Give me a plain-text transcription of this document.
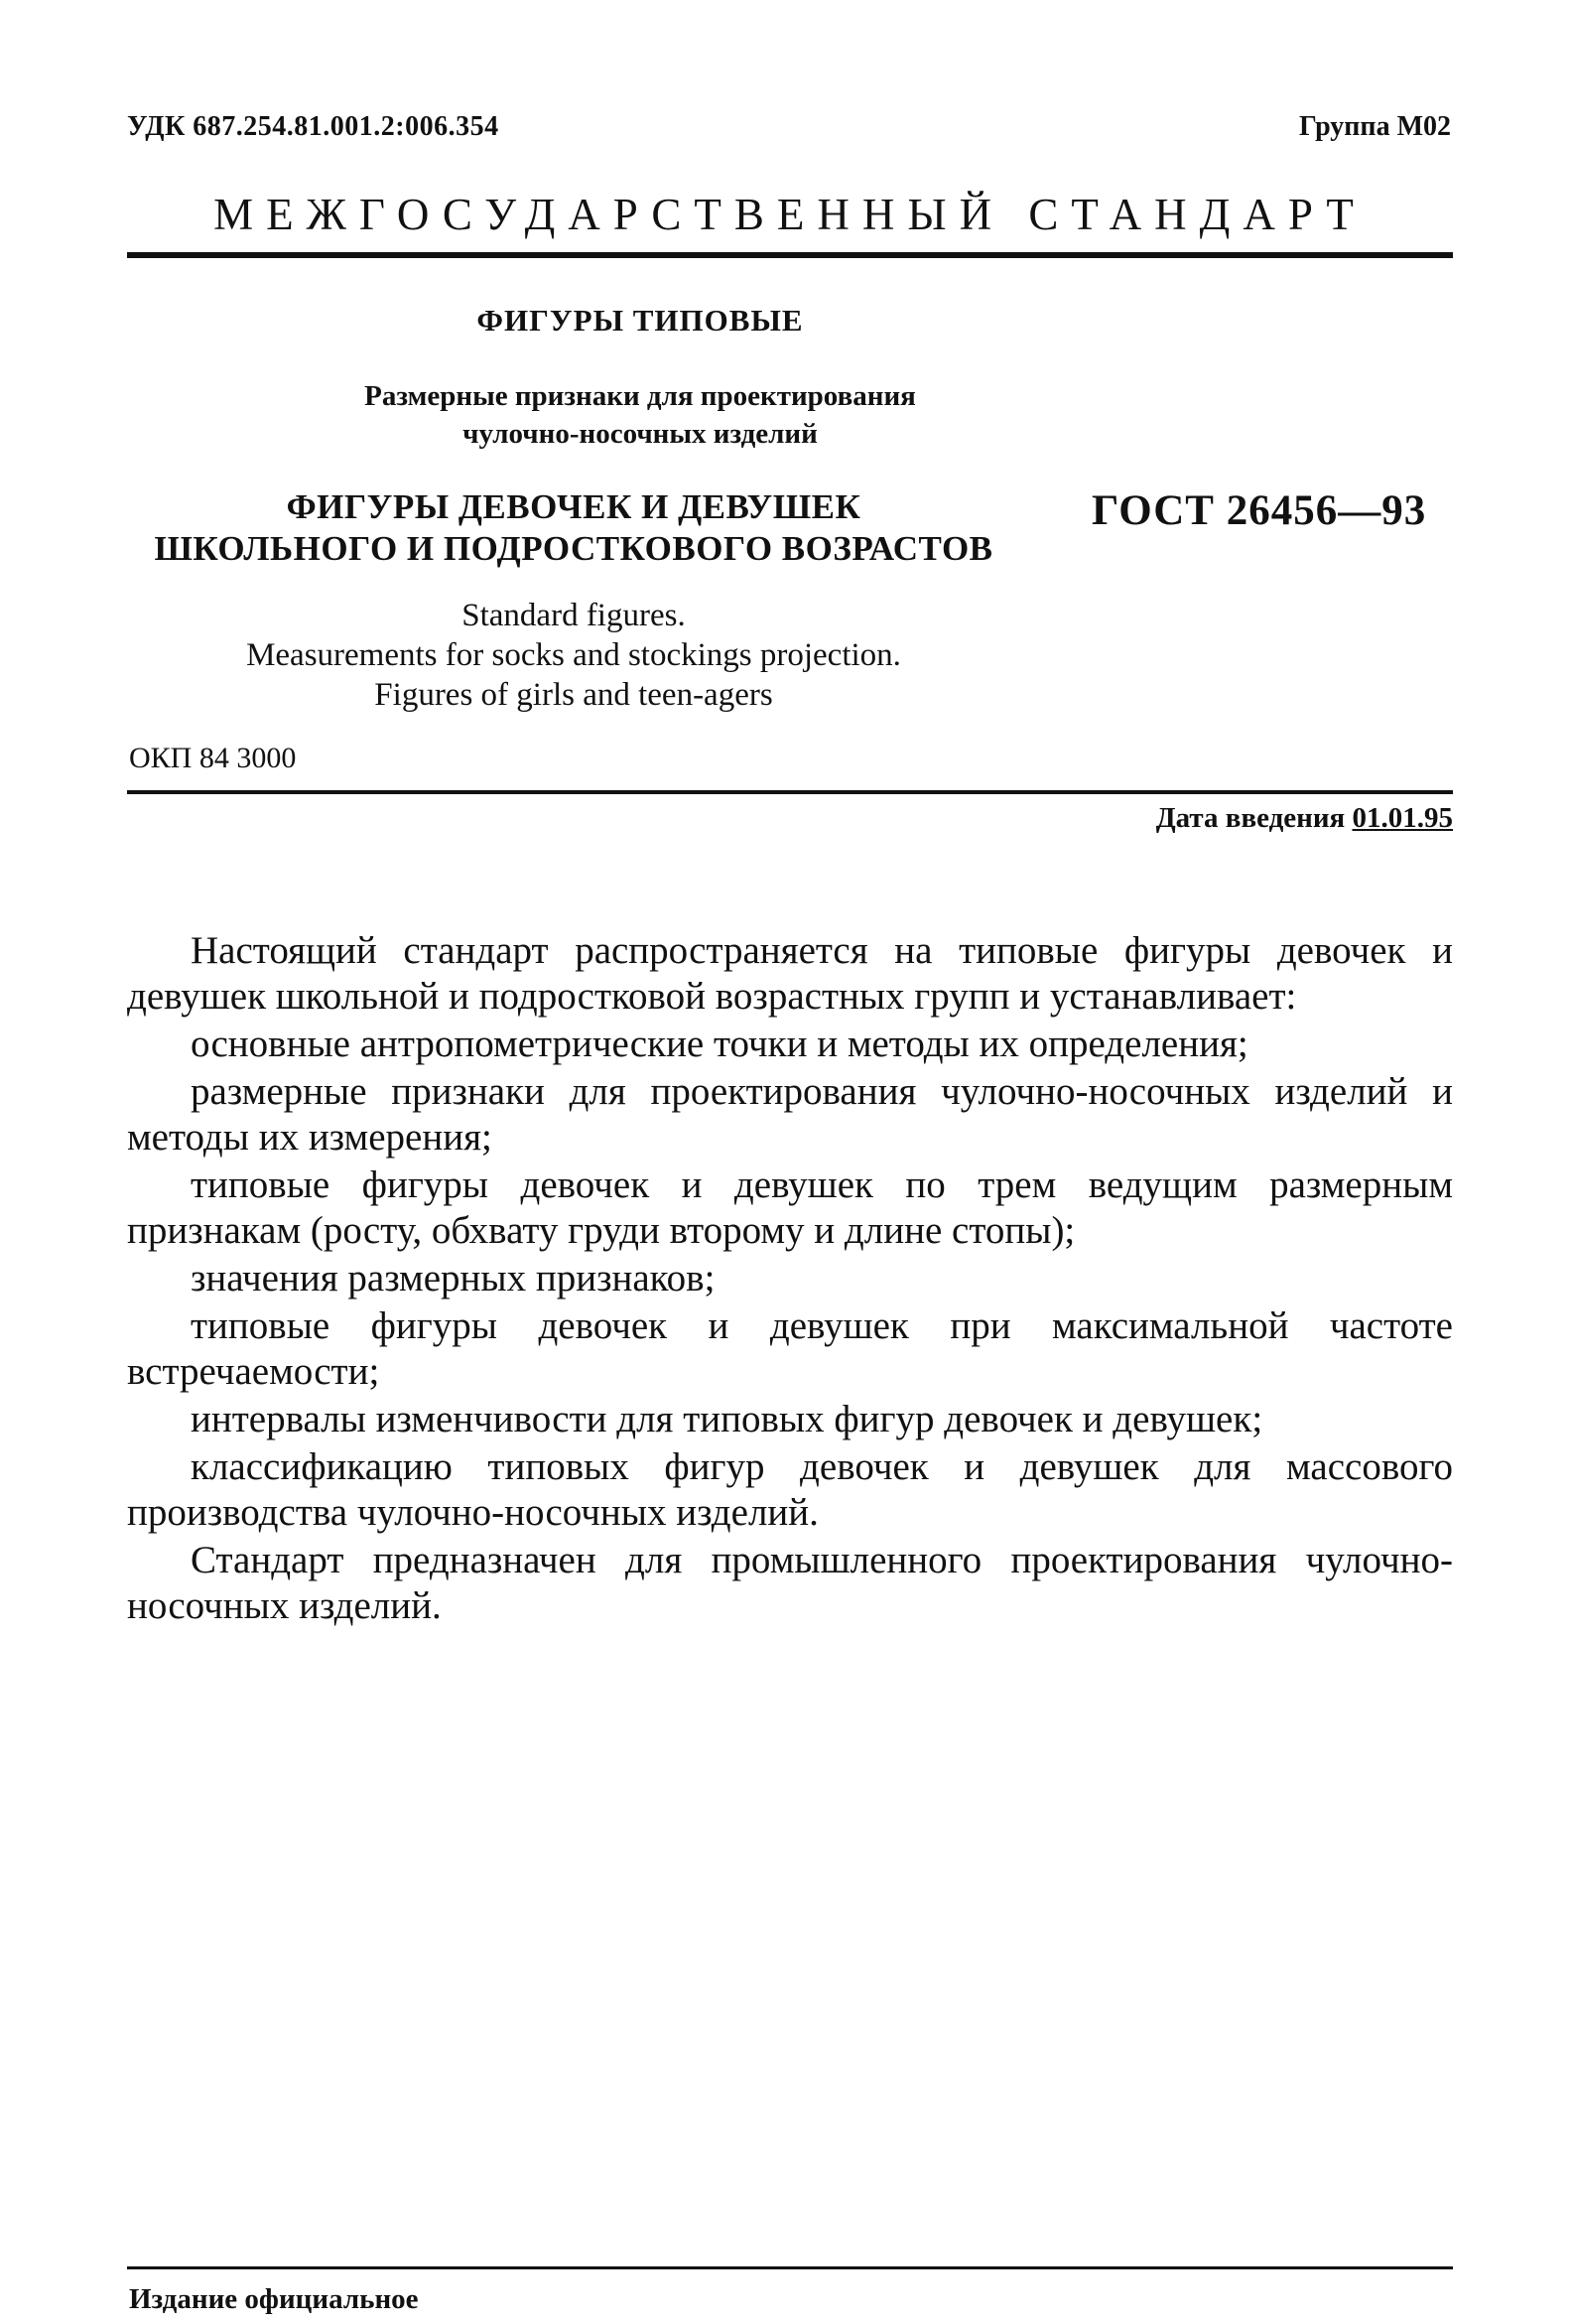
УДК 687.254.81.001.2:006.354	Группа М02
МЕЖГОСУДАРСТВЕННЫЙ СТАНДАРТ
ФИГУРЫ ТИПОВЫЕ
Размерные признаки для проектирования
чулочно-носочных изделий
ФИГУРЫ ДЕВОЧЕК И ДЕВУШЕК
ШКОЛЬНОГО И ПОДРОСТКОВОГО ВОЗРАСТОВ
ГОСТ 26456—93
Standard figures.
Measurements for socks and stockings projection.
Figures of girls and teen-agers
ОКП 84 3000
Дата введения 01.01.95

Настоящий стандарт распространяется на типовые фигуры девочек и девушек школьной и подростковой возрастных групп и устанавливает:

основные антропометрические точки и методы их определения;

размерные признаки для проектирования чулочно-носочных изделий и методы их измерения;

типовые фигуры девочек и девушек по трем ведущим размерным признакам (росту, обхвату груди второму и длине стопы);

значения размерных признаков;

типовые фигуры девочек и девушек при максимальной частоте встречаемости;

интервалы изменчивости для типовых фигур девочек и девушек;

классификацию типовых фигур девочек и девушек для массового производства чулочно-носочных изделий.

Стандарт предназначен для промышленного проектирования чулочно-носочных изделий.

Издание официальное
